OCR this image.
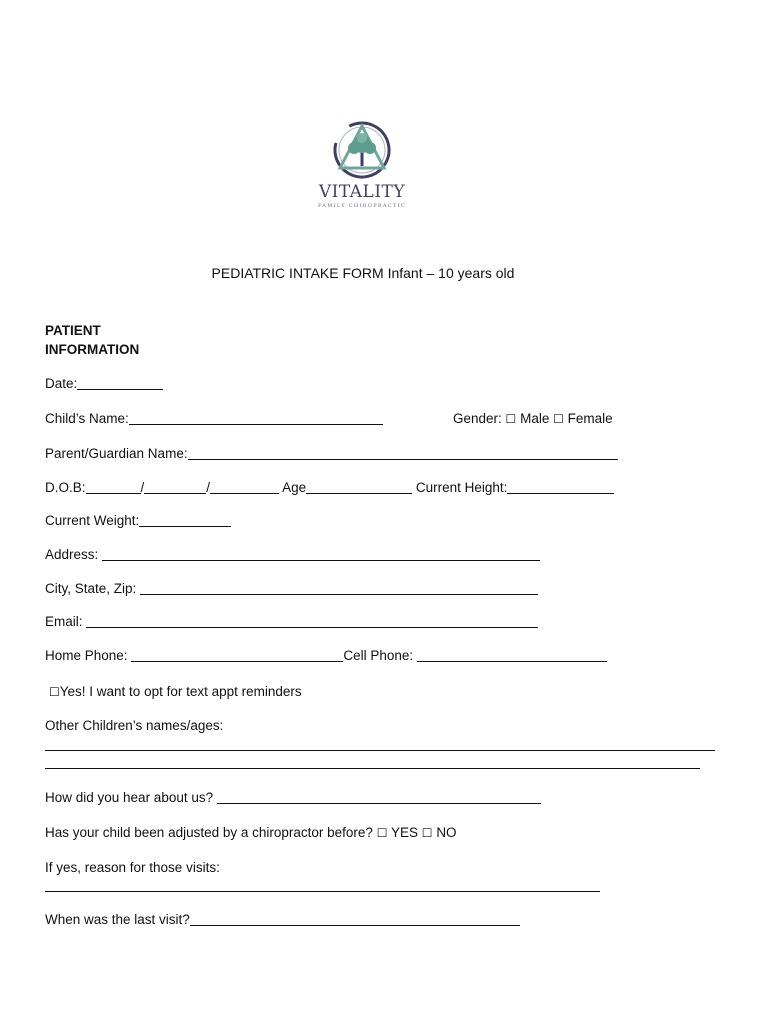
VITALITY
FAMILY CHIROPRACTIC
PEDIATRIC INTAKE FORM Infant – 10 years old
PATIENT
INFORMATION
Date:
Child’s Name:	Gender: ☐ Male ☐ Female
Parent/Guardian Name:
D.O.B:	/	/	Age	Current Height:
Current Weight:
Address:
City, State, Zip:
Email:
Home Phone:	Cell Phone:
☐Yes! I want to opt for text appt reminders
Other Children’s names/ages:
How did you hear about us?
Has your child been adjusted by a chiropractor before? ☐ YES ☐ NO
If yes, reason for those visits:
When was the last visit?
